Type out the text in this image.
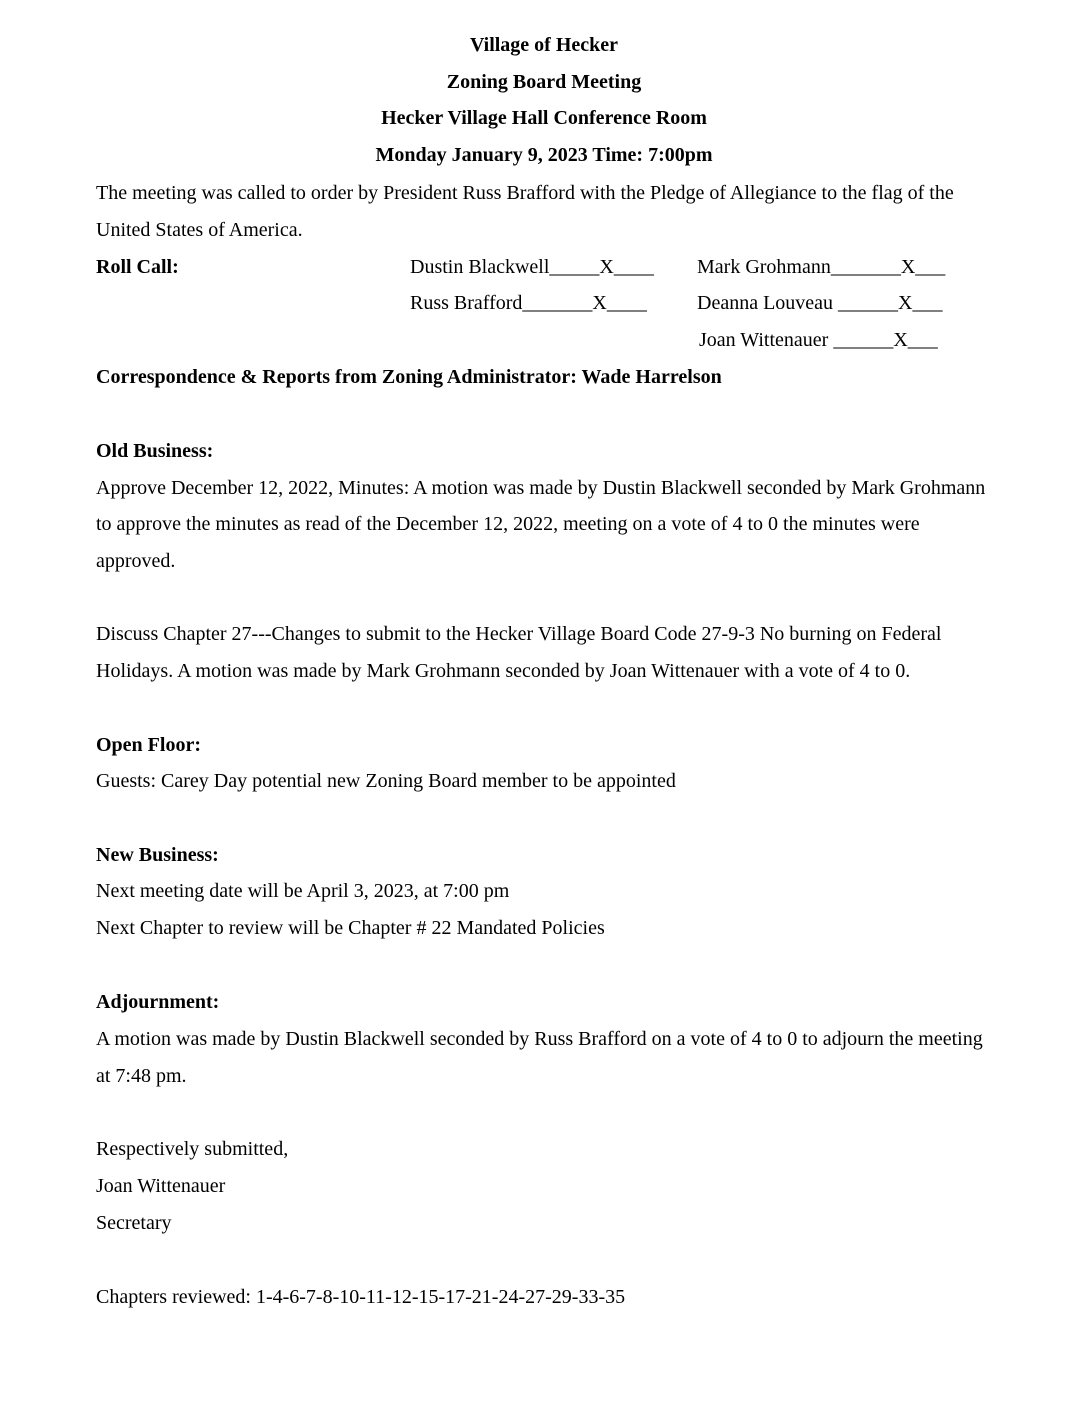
Village of Hecker
Zoning Board Meeting
Hecker Village Hall Conference Room
Monday January 9, 2023 Time: 7:00pm
The meeting was called to order by President Russ Brafford with the Pledge of Allegiance to the flag of the
United States of America.
Roll Call:	Dustin Blackwell_____X____ Mark Grohmann_______X___
Russ Brafford_______X____	Deanna Louveau ______X___
Joan Wittenauer ______X___
Correspondence & Reports from Zoning Administrator: Wade Harrelson
Old Business:
Approve December 12, 2022, Minutes: A motion was made by Dustin Blackwell seconded by Mark Grohmann
to approve the minutes as read of the December 12, 2022, meeting on a vote of 4 to 0 the minutes were
approved.
Discuss Chapter 27---Changes to submit to the Hecker Village Board Code 27-9-3 No burning on Federal
Holidays. A motion was made by Mark Grohmann seconded by Joan Wittenauer with a vote of 4 to 0.
Open Floor:
Guests: Carey Day potential new Zoning Board member to be appointed
New Business:
Next meeting date will be April 3, 2023, at 7:00 pm
Next Chapter to review will be Chapter # 22 Mandated Policies
Adjournment:
A motion was made by Dustin Blackwell seconded by Russ Brafford on a vote of 4 to 0 to adjourn the meeting
at 7:48 pm.
Respectively submitted,
Joan Wittenauer
Secretary
Chapters reviewed: 1-4-6-7-8-10-11-12-15-17-21-24-27-29-33-35
